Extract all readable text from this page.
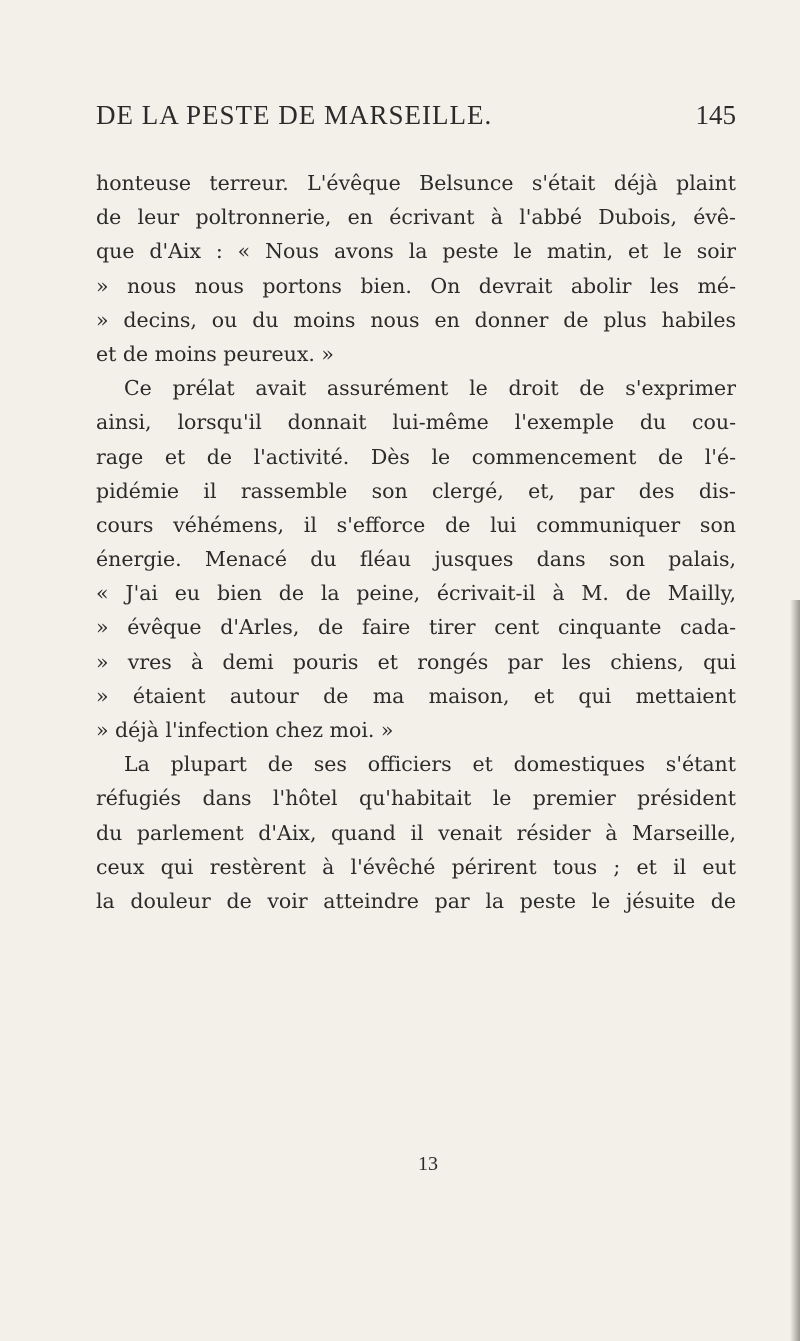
DE LA PESTE DE MARSEILLE.	145
honteuse terreur. L'évêque Belsunce s'était déjà plaint
de leur poltronnerie, en écrivant à l'abbé Dubois, évê-
que d'Aix : « Nous avons la peste le matin, et le soir
» nous nous portons bien. On devrait abolir les mé-
» decins, ou du moins nous en donner de plus habiles
et de moins peureux. »
Ce prélat avait assurément le droit de s'exprimer
ainsi, lorsqu'il donnait lui-même l'exemple du cou-
rage et de l'activité. Dès le commencement de l'é-
pidémie il rassemble son clergé, et, par des dis-
cours véhémens, il s'efforce de lui communiquer son
énergie. Menacé du fléau jusques dans son palais,
« J'ai eu bien de la peine, écrivait-il à M. de Mailly,
» évêque d'Arles, de faire tirer cent cinquante cada-
» vres à demi pouris et rongés par les chiens, qui
» étaient autour de ma maison, et qui mettaient
» déjà l'infection chez moi. »
La plupart de ses officiers et domestiques s'étant
réfugiés dans l'hôtel qu'habitait le premier président
du parlement d'Aix, quand il venait résider à Marseille,
ceux qui restèrent à l'évêché périrent tous ; et il eut
la douleur de voir atteindre par la peste le jésuite de
13
